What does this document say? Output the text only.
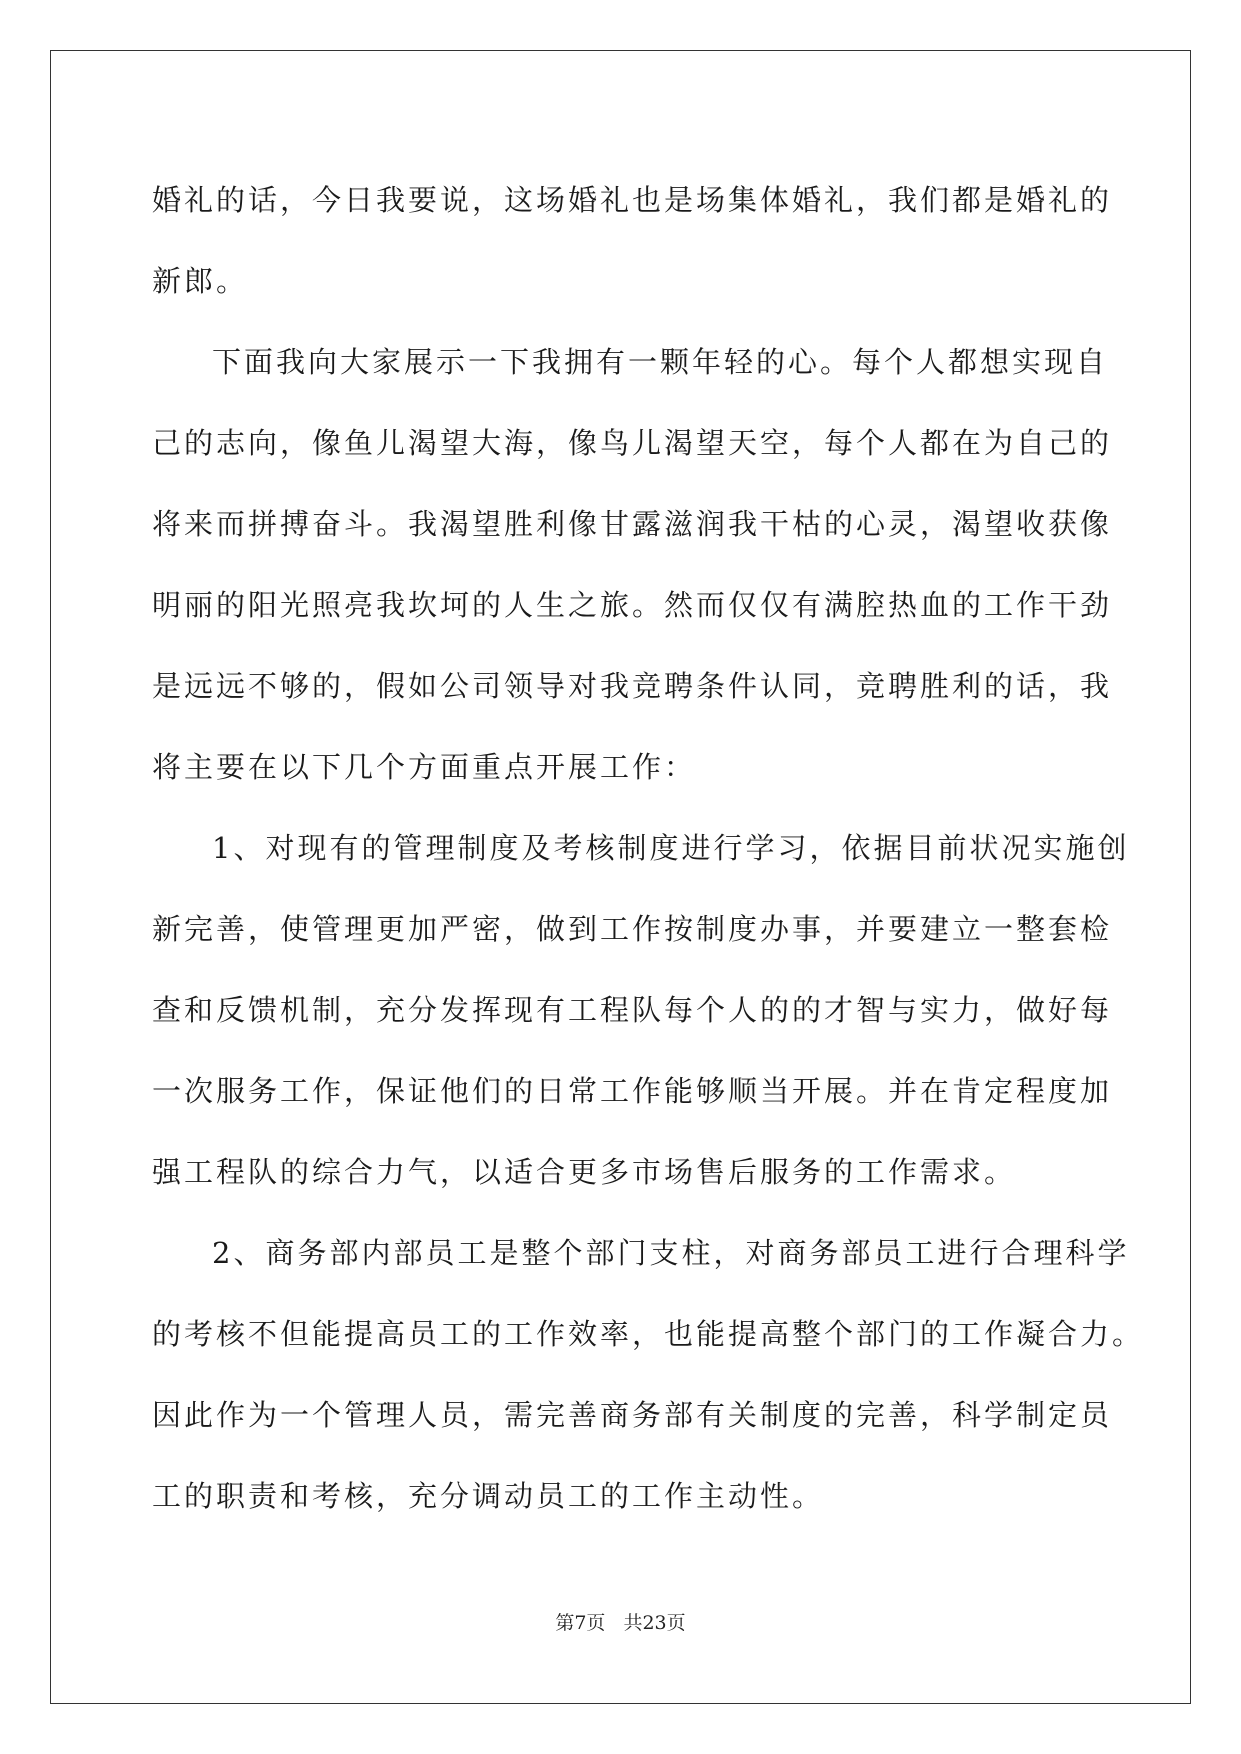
婚礼的话，今日我要说，这场婚礼也是场集体婚礼，我们都是婚礼的
新郎。
下面我向大家展示一下我拥有一颗年轻的心。每个人都想实现自
己的志向，像鱼儿渴望大海，像鸟儿渴望天空，每个人都在为自己的
将来而拼搏奋斗。我渴望胜利像甘露滋润我干枯的心灵，渴望收获像
明丽的阳光照亮我坎坷的人生之旅。然而仅仅有满腔热血的工作干劲
是远远不够的，假如公司领导对我竞聘条件认同，竞聘胜利的话，我
将主要在以下几个方面重点开展工作：
1、对现有的管理制度及考核制度进行学习，依据目前状况实施创
新完善，使管理更加严密，做到工作按制度办事，并要建立一整套检
查和反馈机制，充分发挥现有工程队每个人的的才智与实力，做好每
一次服务工作，保证他们的日常工作能够顺当开展。并在肯定程度加
强工程队的综合力气，以适合更多市场售后服务的工作需求。
2、商务部内部员工是整个部门支柱，对商务部员工进行合理科学
的考核不但能提高员工的工作效率，也能提高整个部门的工作凝合力。
因此作为一个管理人员，需完善商务部有关制度的完善，科学制定员
工的职责和考核，充分调动员工的工作主动性。
第7页 共23页
